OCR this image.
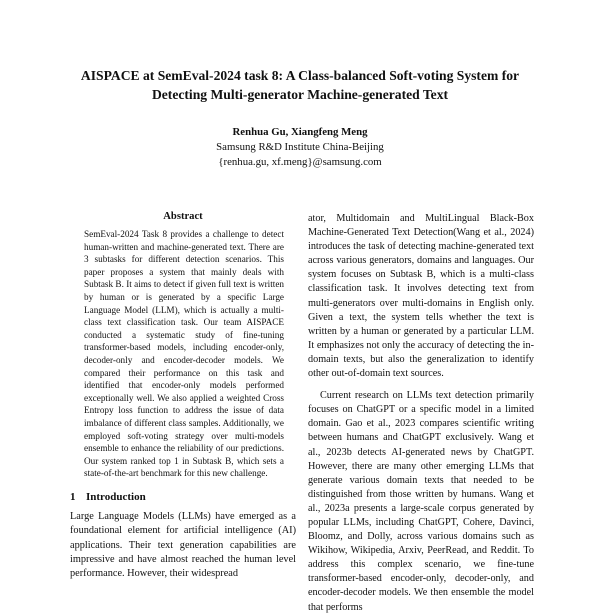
AISPACE at SemEval-2024 task 8: A Class-balanced Soft-voting System for
Detecting Multi-generator Machine-generated Text
Renhua Gu, Xiangfeng Meng
Samsung R&D Institute China-Beijing
{renhua.gu, xf.meng}@samsung.com
Abstract
SemEval-2024 Task 8 provides a challenge to detect human-written and machine-generated text. There are 3 subtasks for different detection scenarios. This paper proposes a system that mainly deals with Subtask B. It aims to detect if given full text is written by human or is generated by a specific Large Language Model (LLM), which is actually a multi-class text classification task. Our team AISPACE conducted a systematic study of fine-tuning transformer-based models, including encoder-only, decoder-only and encoder-decoder models. We compared their performance on this task and identified that encoder-only models performed exceptionally well. We also applied a weighted Cross Entropy loss function to address the issue of data imbalance of different class samples. Additionally, we employed soft-voting strategy over multi-models ensemble to enhance the reliability of our predictions. Our system ranked top 1 in Subtask B, which sets a state-of-the-art benchmark for this new challenge.
1 Introduction
Large Language Models (LLMs) have emerged as a foundational element for artificial intelligence (AI) applications. Their text generation capabilities are impressive and have almost reached the human level performance. However, their widespread
ator, Multidomain and MultiLingual Black-Box Machine-Generated Text Detection(Wang et al., 2024) introduces the task of detecting machine-generated text across various generators, domains and languages. Our system focuses on Subtask B, which is a multi-class classification task. It involves detecting text from multi-generators over multi-domains in English only. Given a text, the system tells whether the text is written by a human or generated by a particular LLM. It emphasizes not only the accuracy of detecting the in-domain texts, but also the generalization to identify other out-of-domain text sources.
Current research on LLMs text detection primarily focuses on ChatGPT or a specific model in a limited domain. Gao et al., 2023 compares scientific writing between humans and ChatGPT exclusively. Wang et al., 2023b detects AI-generated news by ChatGPT. However, there are many other emerging LLMs that generate various domain texts that needed to be distinguished from those written by humans. Wang et al., 2023a presents a large-scale corpus generated by popular LLMs, including ChatGPT, Cohere, Davinci, Bloomz, and Dolly, across various domains such as Wikihow, Wikipedia, Arxiv, PeerRead, and Reddit. To address this complex scenario, we fine-tune transformer-based encoder-only, decoder-only, and encoder-decoder models. We then ensemble the model that performs
